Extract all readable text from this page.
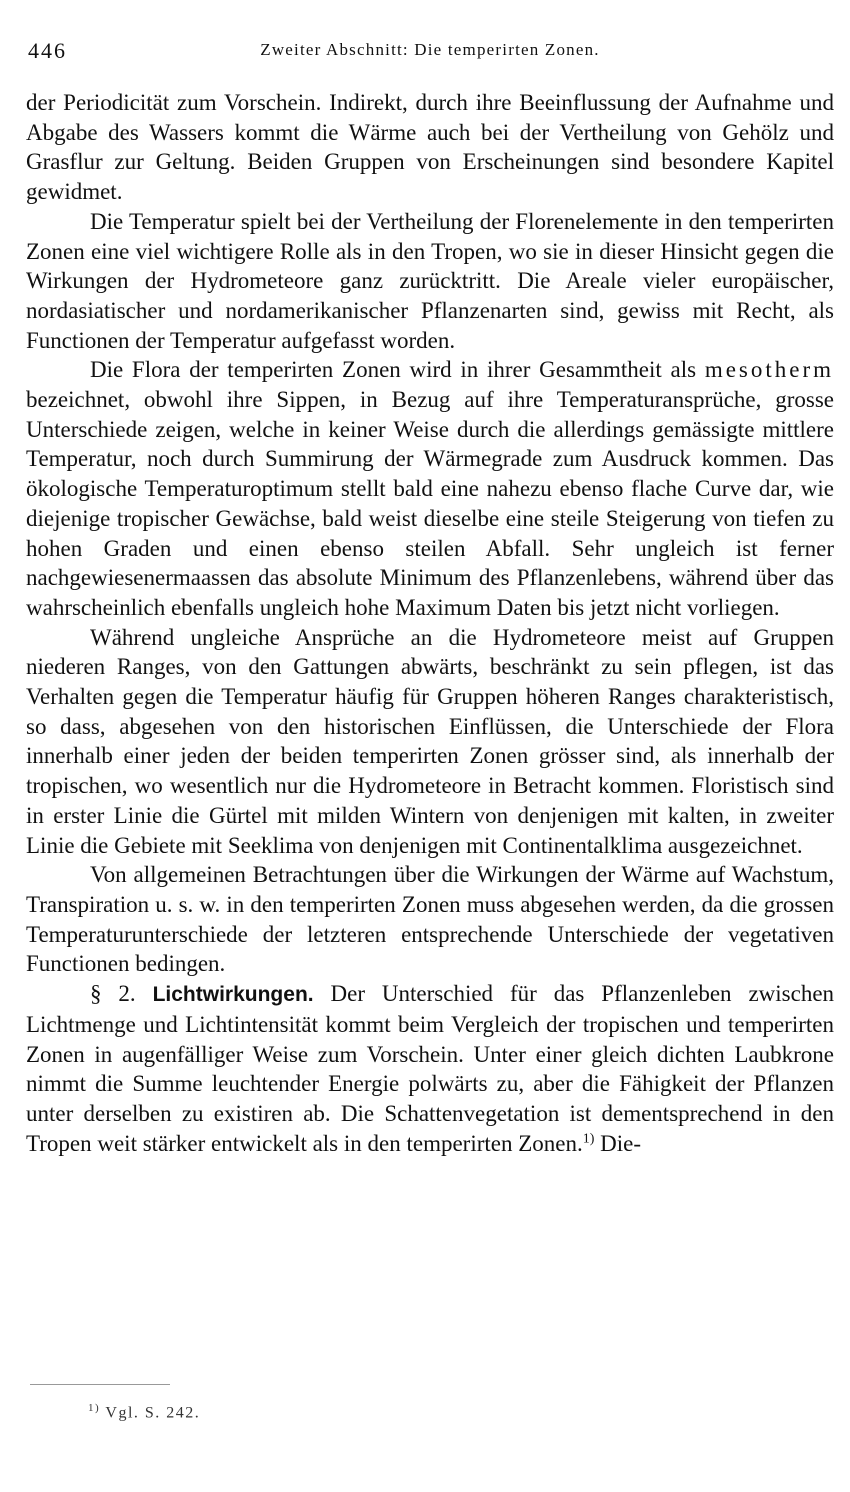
446	Zweiter Abschnitt: Die temperirten Zonen.

der Periodicität zum Vorschein. Indirekt, durch ihre Beeinflussung der Aufnahme und Abgabe des Wassers kommt die Wärme auch bei der Vertheilung von Gehölz und Grasflur zur Geltung. Beiden Gruppen von Erscheinungen sind besondere Kapitel gewidmet.

Die Temperatur spielt bei der Vertheilung der Florenelemente in den temperirten Zonen eine viel wichtigere Rolle als in den Tropen, wo sie in dieser Hinsicht gegen die Wirkungen der Hydrometeore ganz zurücktritt. Die Areale vieler europäischer, nordasiatischer und nordamerikanischer Pflanzenarten sind, gewiss mit Recht, als Functionen der Temperatur aufgefasst worden.

Die Flora der temperirten Zonen wird in ihrer Gesammtheit als mesotherm bezeichnet, obwohl ihre Sippen, in Bezug auf ihre Temperaturansprüche, grosse Unterschiede zeigen, welche in keiner Weise durch die allerdings gemässigte mittlere Temperatur, noch durch Summirung der Wärmegrade zum Ausdruck kommen. Das ökologische Temperaturoptimum stellt bald eine nahezu ebenso flache Curve dar, wie diejenige tropischer Gewächse, bald weist dieselbe eine steile Steigerung von tiefen zu hohen Graden und einen ebenso steilen Abfall. Sehr ungleich ist ferner nachgewiesenermaassen das absolute Minimum des Pflanzenlebens, während über das wahrscheinlich ebenfalls ungleich hohe Maximum Daten bis jetzt nicht vorliegen.

Während ungleiche Ansprüche an die Hydrometeore meist auf Gruppen niederen Ranges, von den Gattungen abwärts, beschränkt zu sein pflegen, ist das Verhalten gegen die Temperatur häufig für Gruppen höheren Ranges charakteristisch, so dass, abgesehen von den historischen Einflüssen, die Unterschiede der Flora innerhalb einer jeden der beiden temperirten Zonen grösser sind, als innerhalb der tropischen, wo wesentlich nur die Hydrometeore in Betracht kommen. Floristisch sind in erster Linie die Gürtel mit milden Wintern von denjenigen mit kalten, in zweiter Linie die Gebiete mit Seeklima von denjenigen mit Continentalklima ausgezeichnet.

Von allgemeinen Betrachtungen über die Wirkungen der Wärme auf Wachstum, Transpiration u. s. w. in den temperirten Zonen muss abgesehen werden, da die grossen Temperaturunterschiede der letzteren entsprechende Unterschiede der vegetativen Functionen bedingen.

§ 2. Lichtwirkungen. Der Unterschied für das Pflanzenleben zwischen Lichtmenge und Lichtintensität kommt beim Vergleich der tropischen und temperirten Zonen in augenfälliger Weise zum Vorschein. Unter einer gleich dichten Laubkrone nimmt die Summe leuchtender Energie polwärts zu, aber die Fähigkeit der Pflanzen unter derselben zu existiren ab. Die Schattenvegetation ist dementsprechend in den Tropen weit stärker entwickelt als in den temperirten Zonen.$^{1)}$ Die-

$^{1)}$ Vgl. S. 242.
